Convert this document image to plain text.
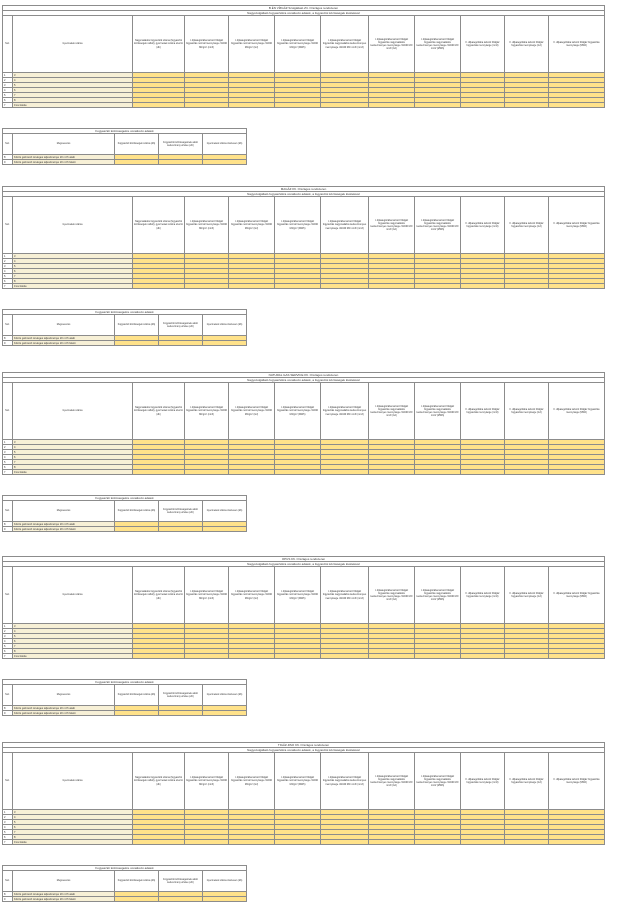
B.ÉN VÍZGÁZ Szolgáltató Zrt. Országos rendszeren											
Nagyszolgáltató fogyasztókra vonatkozó adatok, a fogyasztói közösségek kivételével											
Ssz.	Gyermekek száma	Nagycsaládos fogyasztók száma (fogyasztói közösségek nélkül), gyermekek száma szerint (db)	I. díjkategóriába tartozó földgáz fogyasztás normál mennyisége /41040 MJ/gm³ (nm3)	I. díjkategóriába tartozó földgáz fogyasztás normál mennyisége /41040 MJ/gm³ (GJ)	I. díjkategóriába tartozó földgáz fogyasztás normál mennyisége /41040 MJ/gm³ (MWh)	I. díjkategóriába tartozó földgáz fogyasztás nagycsaládos kedvezményes mennyisége /41040 MJ/ nm3/ (nm3)	I. díjkategóriába tartozó földgáz fogyasztás nagycsaládos kedvezményes mennyisége /41040 MJ/ nm3/ (GJ)	I. díjkategóriába tartozó földgáz fogyasztás nagycsaládos kedvezményes mennyisége /41040 MJ/ nm3/ (MWh)	II. díjkategóriába tartozó földgáz fogyasztás mennyisége (nm3)	II. díjkategóriába tartozó földgáz fogyasztás mennyisége (GJ)	II. díjkategóriába tartozó földgáz fogyasztás mennyisége (MWh)
1	3										
2	4										
3	5										
4	6										
5	7										
6	8										
7	9 és felette										
Fogyasztói közösségekre vonatkozó adatok				
Ssz.	Megnevezés	Fogyasztói közösségek száma (db)	Fogyasztói közösségeknek adott kedvezmény értéke (eFt)	Gyermekek száma összesen (db)
8	Közös gázmérő névleges teljesítménye 20 m³/h alatti			
9	Közös gázmérő névleges teljesítménye 20 m³/h feletti			
MAGÁZ Kft. Országos rendszeren											
Nagyszolgáltató fogyasztókra vonatkozó adatok, a fogyasztói közösségek kivételével											
Ssz.	Gyermekek száma	Nagycsaládos fogyasztók száma (fogyasztói közösségek nélkül), gyermekek száma szerint (db)	I. díjkategóriába tartozó földgáz fogyasztás normál mennyisége /41040 MJ/gm³ (nm3)	I. díjkategóriába tartozó földgáz fogyasztás normál mennyisége /41040 MJ/gm³ (GJ)	I. díjkategóriába tartozó földgáz fogyasztás normál mennyisége /41040 MJ/gm³ (MWh)	I. díjkategóriába tartozó földgáz fogyasztás nagycsaládos kedvezményes mennyisége /41040 MJ/ nm3/ (nm3)	I. díjkategóriába tartozó földgáz fogyasztás nagycsaládos kedvezményes mennyisége /41040 MJ/ nm3/ (GJ)	I. díjkategóriába tartozó földgáz fogyasztás nagycsaládos kedvezményes mennyisége /41040 MJ/ nm3/ (MWh)	II. díjkategóriába tartozó földgáz fogyasztás mennyisége (nm3)	II. díjkategóriába tartozó földgáz fogyasztás mennyisége (GJ)	II. díjkategóriába tartozó földgáz fogyasztás mennyisége (MWh)
1	3										
2	4										
3	5										
4	6										
5	7										
6	8										
7	9 és felette										
Fogyasztói közösségekre vonatkozó adatok				
Ssz.	Megnevezés	Fogyasztói közösségek száma (db)	Fogyasztói közösségeknek adott kedvezmény értéke (eFt)	Gyermekek száma összesen (db)
8	Közös gázmérő névleges teljesítménye 20 m³/h alatti			
9	Közös gázmérő névleges teljesítménye 20 m³/h feletti			
NATURAL GAS SERVICE Kft. Országos rendszeren											
Nagyszolgáltató fogyasztókra vonatkozó adatok, a fogyasztói közösségek kivételével											
Ssz.	Gyermekek száma	Nagycsaládos fogyasztók száma (fogyasztói közösségek nélkül), gyermekek száma szerint (db)	I. díjkategóriába tartozó földgáz fogyasztás normál mennyisége /41040 MJ/gm³ (nm3)	I. díjkategóriába tartozó földgáz fogyasztás normál mennyisége /41040 MJ/gm³ (GJ)	I. díjkategóriába tartozó földgáz fogyasztás normál mennyisége /41040 MJ/gm³ (MWh)	I. díjkategóriába tartozó földgáz fogyasztás nagycsaládos kedvezményes mennyisége /41040 MJ/ nm3/ (nm3)	I. díjkategóriába tartozó földgáz fogyasztás nagycsaládos kedvezményes mennyisége /41040 MJ/ nm3/ (GJ)	I. díjkategóriába tartozó földgáz fogyasztás nagycsaládos kedvezményes mennyisége /41040 MJ/ nm3/ (MWh)	II. díjkategóriába tartozó földgáz fogyasztás mennyisége (nm3)	II. díjkategóriába tartozó földgáz fogyasztás mennyisége (GJ)	II. díjkategóriába tartozó földgáz fogyasztás mennyisége (MWh)
1	3										
2	4										
3	5										
4	6										
5	7										
6	8										
7	9 és felette										
Fogyasztói közösségekre vonatkozó adatok				
Ssz.	Megnevezés	Fogyasztói közösségek száma (db)	Fogyasztói közösségeknek adott kedvezmény értéke (eFt)	Gyermekek száma összesen (db)
8	Közös gázmérő névleges teljesítménye 20 m³/h alatti			
9	Közös gázmérő névleges teljesítménye 20 m³/h feletti			
OPUS Kft. Országos rendszeren											
Nagyszolgáltató fogyasztókra vonatkozó adatok, a fogyasztói közösségek kivételével											
Ssz.	Gyermekek száma	Nagycsaládos fogyasztók száma (fogyasztói közösségek nélkül), gyermekek száma szerint (db)	I. díjkategóriába tartozó földgáz fogyasztás normál mennyisége /41040 MJ/gm³ (nm3)	I. díjkategóriába tartozó földgáz fogyasztás normál mennyisége /41040 MJ/gm³ (GJ)	I. díjkategóriába tartozó földgáz fogyasztás normál mennyisége /41040 MJ/gm³ (MWh)	I. díjkategóriába tartozó földgáz fogyasztás nagycsaládos kedvezményes mennyisége /41040 MJ/ nm3/ (nm3)	I. díjkategóriába tartozó földgáz fogyasztás nagycsaládos kedvezményes mennyisége /41040 MJ/ nm3/ (GJ)	I. díjkategóriába tartozó földgáz fogyasztás nagycsaládos kedvezményes mennyisége /41040 MJ/ nm3/ (MWh)	II. díjkategóriába tartozó földgáz fogyasztás mennyisége (nm3)	II. díjkategóriába tartozó földgáz fogyasztás mennyisége (GJ)	II. díjkategóriába tartozó földgáz fogyasztás mennyisége (MWh)
1	3										
2	4										
3	5										
4	6										
5	7										
6	8										
7	9 és felette										
Fogyasztói közösségekre vonatkozó adatok				
Ssz.	Megnevezés	Fogyasztói közösségek száma (db)	Fogyasztói közösségeknek adott kedvezmény értéke (eFt)	Gyermekek száma összesen (db)
8	Közös gázmérő névleges teljesítménye 20 m³/h alatti			
9	Közös gázmérő névleges teljesítménye 20 m³/h feletti			
TIGÁZ-DSO Kft. Országos rendszeren											
Nagyszolgáltató fogyasztókra vonatkozó adatok, a fogyasztói közösségek kivételével											
Ssz.	Gyermekek száma	Nagycsaládos fogyasztók száma (fogyasztói közösségek nélkül), gyermekek száma szerint (db)	I. díjkategóriába tartozó földgáz fogyasztás normál mennyisége /41040 MJ/gm³ (nm3)	I. díjkategóriába tartozó földgáz fogyasztás normál mennyisége /41040 MJ/gm³ (GJ)	I. díjkategóriába tartozó földgáz fogyasztás normál mennyisége /41040 MJ/gm³ (MWh)	I. díjkategóriába tartozó földgáz fogyasztás nagycsaládos kedvezményes mennyisége /41040 MJ/ nm3/ (nm3)	I. díjkategóriába tartozó földgáz fogyasztás nagycsaládos kedvezményes mennyisége /41040 MJ/ nm3/ (GJ)	I. díjkategóriába tartozó földgáz fogyasztás nagycsaládos kedvezményes mennyisége /41040 MJ/ nm3/ (MWh)	II. díjkategóriába tartozó földgáz fogyasztás mennyisége (nm3)	II. díjkategóriába tartozó földgáz fogyasztás mennyisége (GJ)	II. díjkategóriába tartozó földgáz fogyasztás mennyisége (MWh)
1	3										
2	4										
3	5										
4	6										
5	7										
6	8										
7	9 és felette										
Fogyasztói közösségekre vonatkozó adatok				
Ssz.	Megnevezés	Fogyasztói közösségek száma (db)	Fogyasztói közösségeknek adott kedvezmény értéke (eFt)	Gyermekek száma összesen (db)
8	Közös gázmérő névleges teljesítménye 20 m³/h alatti			
9	Közös gázmérő névleges teljesítménye 20 m³/h feletti			
